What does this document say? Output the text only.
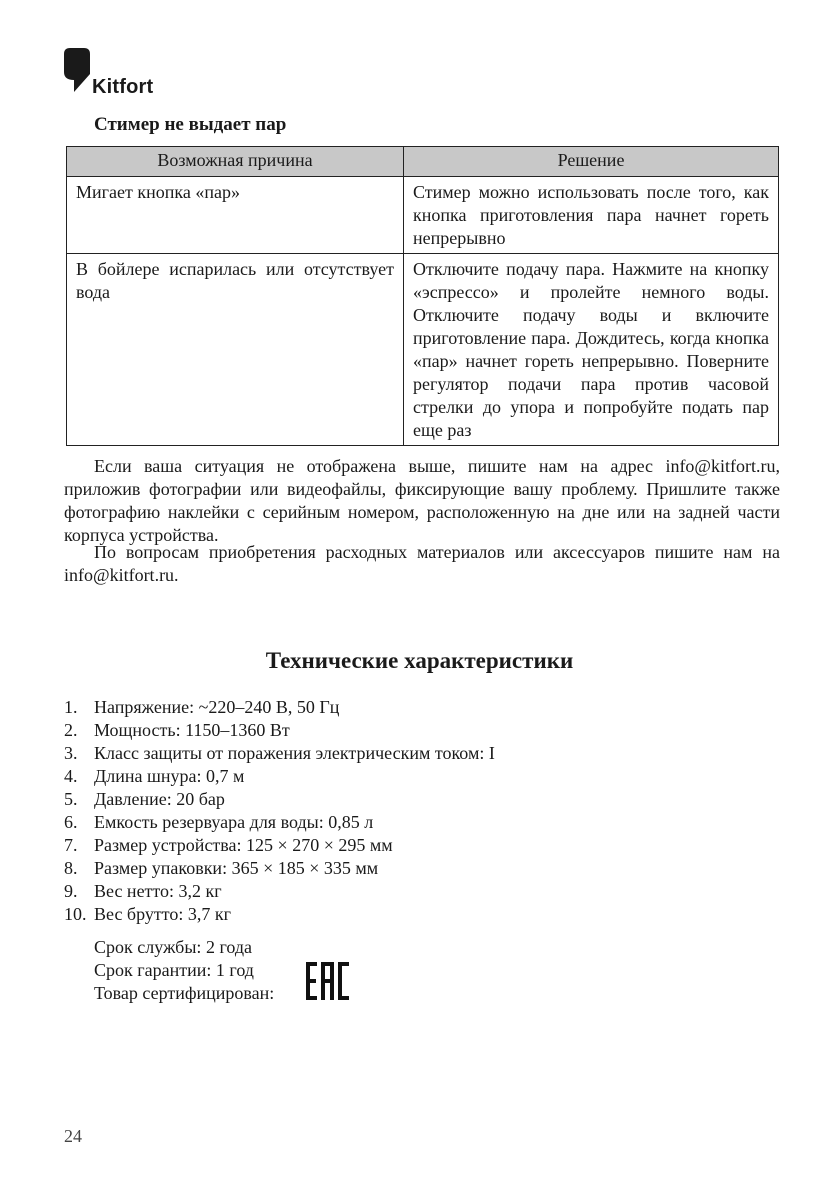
Kitfort
Стимер не выдает пар
Возможная причина	Решение
Мигает кнопка «пар»	Стимер можно использовать после того, как кнопка приготовления пара начнет гореть непрерывно
В бойлере испарилась или отсутствует вода	Отключите подачу пара. Нажмите на кнопку «эспрессо» и пролейте немного воды. Отключите подачу воды и включите приготовление пара. Дождитесь, когда кнопка «пар» начнет гореть непрерывно. Поверните регулятор подачи пара против часовой стрелки до упора и попробуйте подать пар еще раз

Если ваша ситуация не отображена выше, пишите нам на адрес info@kitfort.ru, приложив фотографии или видеофайлы, фиксирующие вашу проблему. Пришлите также фотографию наклейки с серийным номером, расположенную на дне или на задней части корпуса устройства.

По вопросам приобретения расходных материалов или аксессуаров пишите нам на info@kitfort.ru.

Технические характеристики
1. Напряжение: ~220–240 В, 50 Гц
2. Мощность: 1150–1360 Вт
3. Класс защиты от поражения электрическим током: I
4. Длина шнура: 0,7 м
5. Давление: 20 бар
6. Емкость резервуара для воды: 0,85 л
7. Размер устройства: 125 × 270 × 295 мм
8. Размер упаковки: 365 × 185 × 335 мм
9. Вес нетто: 3,2 кг
10. Вес брутто: 3,7 кг
Срок службы: 2 года
Срок гарантии: 1 год
Товар сертифицирован:
24
